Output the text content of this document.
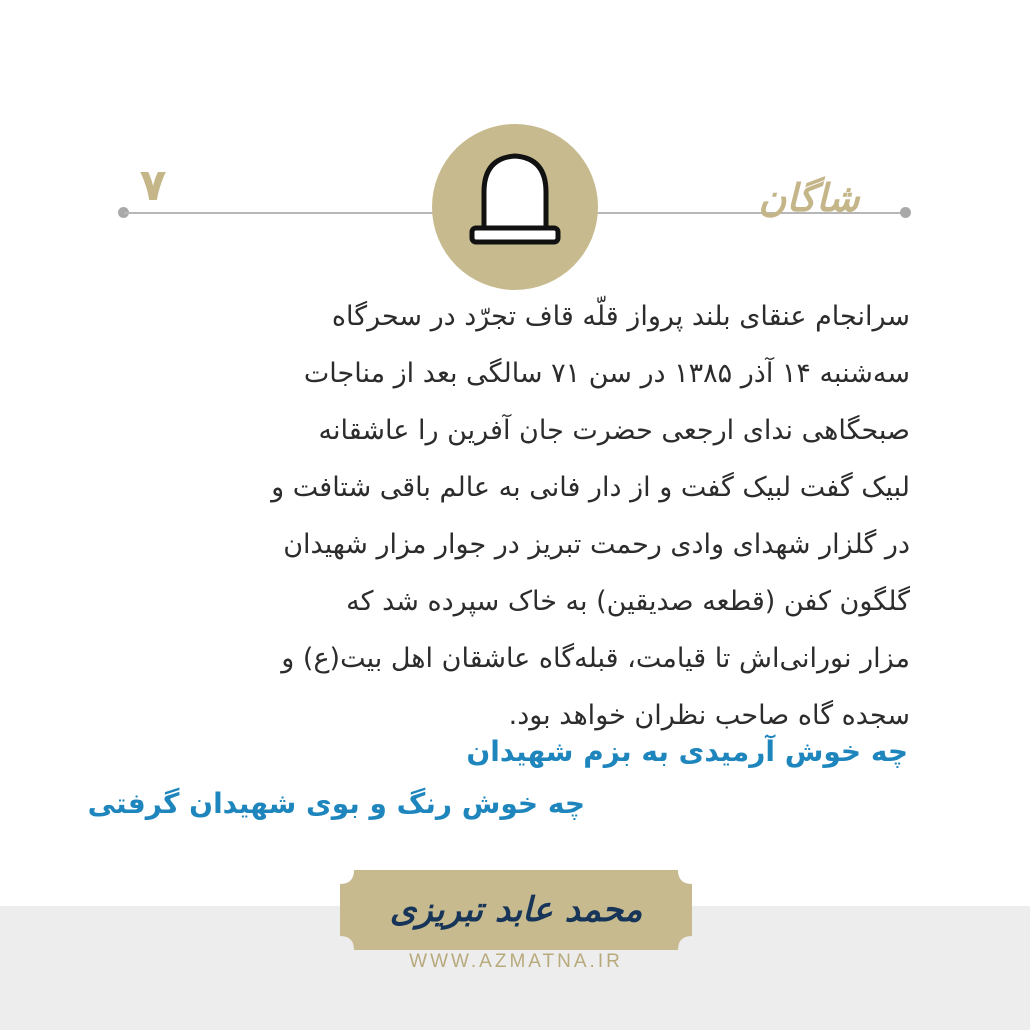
۷	شاگان
سرانجام عنقای بلند پرواز قلّه قاف تجرّد در سحرگاه
سه‌شنبه ۱۴ آذر ۱۳۸۵ در سن ۷۱ سالگی بعد از مناجات
صبحگاهی ندای ارجعی حضرت جان آفرین را عاشقانه
لبیک گفت لبیک گفت و از دار فانی به عالم باقی شتافت و
در گلزار شهدای وادی رحمت تبریز در جوار مزار شهیدان
گلگون کفن (قطعه صدیقین) به خاک سپرده شد که
مزار نورانی‌اش تا قیامت، قبله‌گاه عاشقان اهل بیت(ع) و
سجده گاه صاحب نظران خواهد بود.
چه خوش آرمیدی به بزم شهیدان
چه خوش رنگ و بوی شهیدان گرفتی
محمد عابد تبریزی
WWW.AZMATNA.IR
